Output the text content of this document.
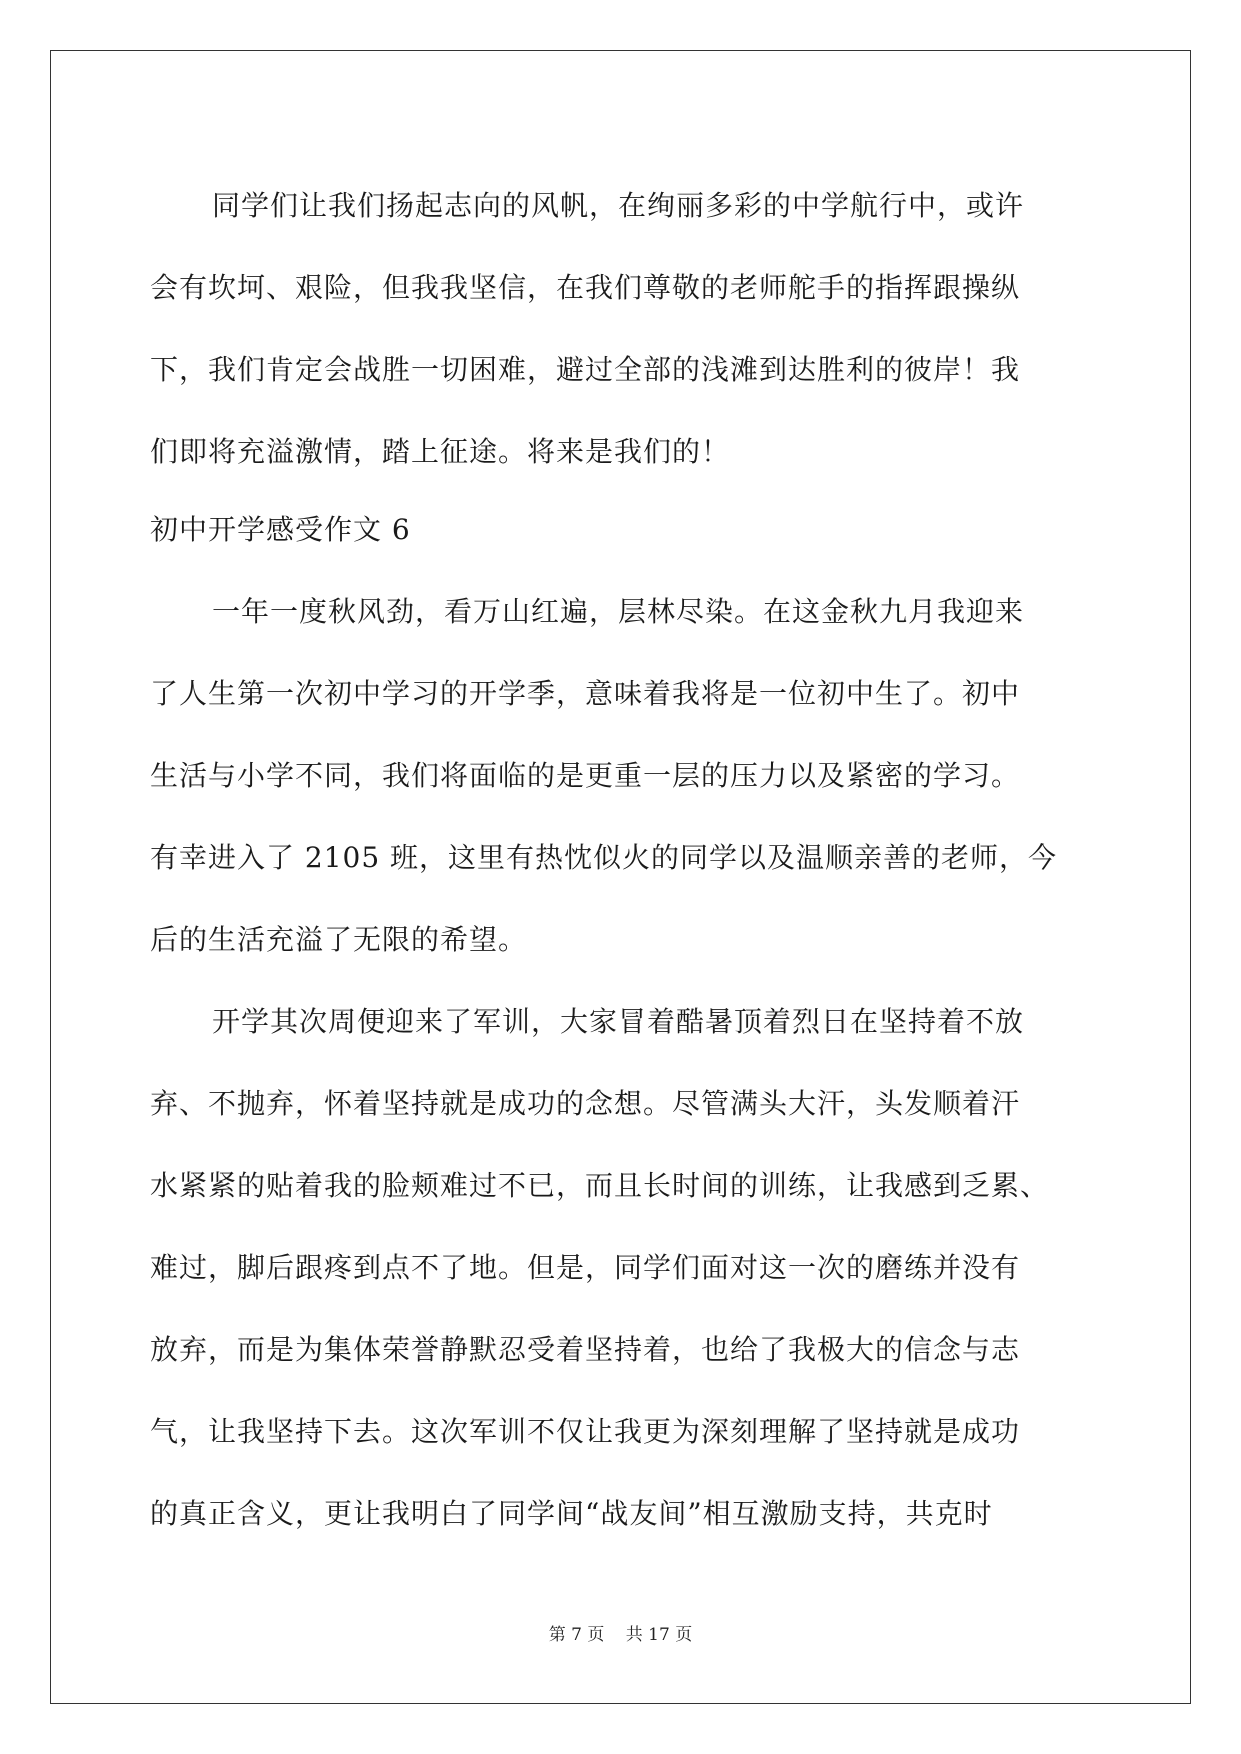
同学们让我们扬起志向的风帆，在绚丽多彩的中学航行中，或许
会有坎坷、艰险，但我我坚信，在我们尊敬的老师舵手的指挥跟操纵
下，我们肯定会战胜一切困难，避过全部的浅滩到达胜利的彼岸！我
们即将充溢激情，踏上征途。将来是我们的！
初中开学感受作文 6
一年一度秋风劲，看万山红遍，层林尽染。在这金秋九月我迎来
了人生第一次初中学习的开学季，意味着我将是一位初中生了。初中
生活与小学不同，我们将面临的是更重一层的压力以及紧密的学习。
有幸进入了 2105 班，这里有热忱似火的同学以及温顺亲善的老师，今
后的生活充溢了无限的希望。
开学其次周便迎来了军训，大家冒着酷暑顶着烈日在坚持着不放
弃、不抛弃，怀着坚持就是成功的念想。尽管满头大汗，头发顺着汗
水紧紧的贴着我的脸颊难过不已，而且长时间的训练，让我感到乏累、
难过，脚后跟疼到点不了地。但是，同学们面对这一次的磨练并没有
放弃，而是为集体荣誉静默忍受着坚持着，也给了我极大的信念与志
气，让我坚持下去。这次军训不仅让我更为深刻理解了坚持就是成功
的真正含义，更让我明白了同学间“战友间”相互激励支持，共克时
第 7 页 共 17 页
